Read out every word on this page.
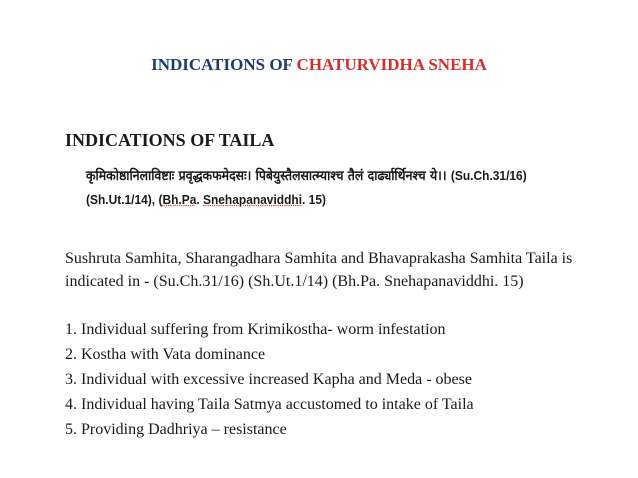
INDICATIONS OF CHATURVIDHA SNEHA
INDICATIONS OF TAILA
कृमिकोष्ठानिलाविष्टाः प्रवृद्धकफमेदसः। पिबेयुस्तैलसात्म्याश्च तैलं दार्ढ्यार्थिनश्च ये।। (Su.Ch.31/16)
(Sh.Ut.1/14), (Bh.Pa. Snehapanaviddhi. 15)

Sushruta Samhita, Sharangadhara Samhita and Bhavaprakasha Samhita Taila is indicated in - (Su.Ch.31/16) (Sh.Ut.1/14) (Bh.Pa. Snehapanaviddhi. 15)

1. Individual suffering from Krimikostha- worm infestation
2. Kostha with Vata dominance
3. Individual with excessive increased Kapha and Meda - obese
4. Individual having Taila Satmya accustomed to intake of Taila
5. Providing Dadhriya – resistance
